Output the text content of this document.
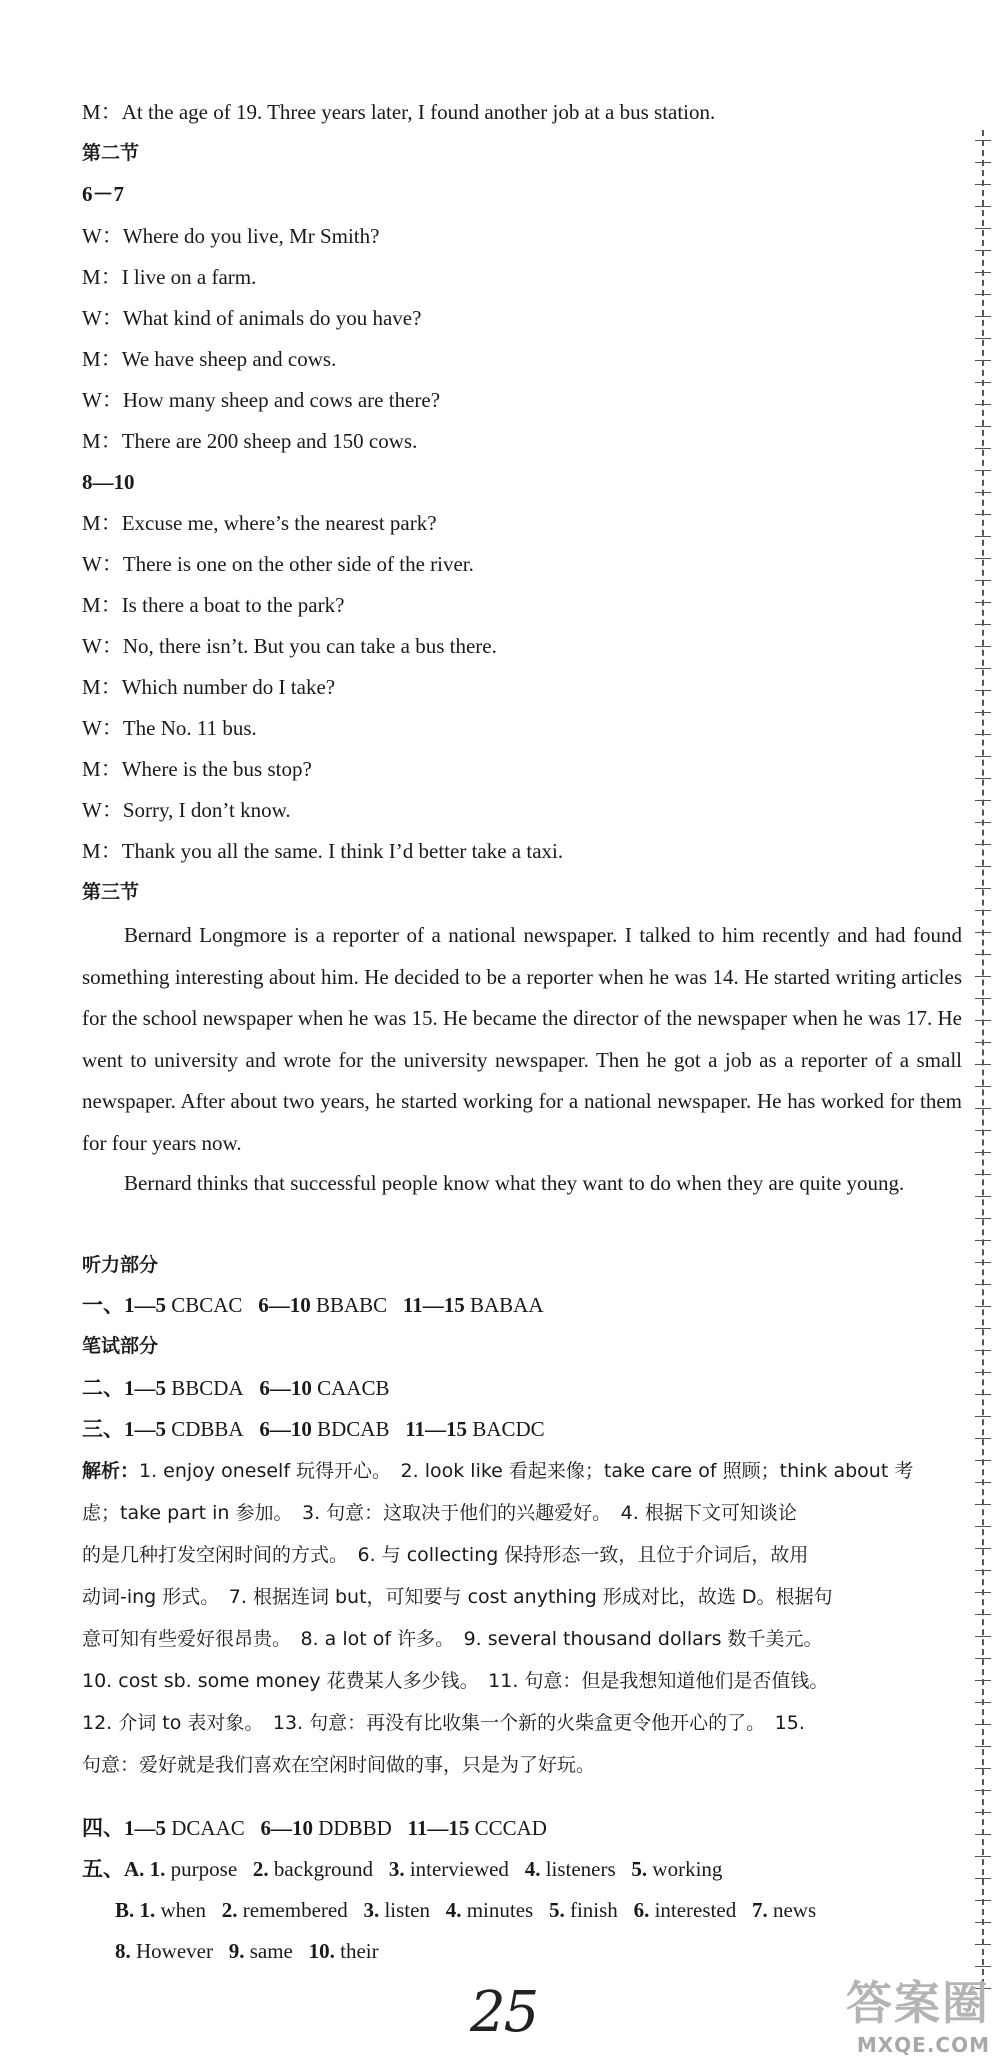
M：At the age of 19. Three years later, I found another job at a bus station.
第二节
6－7
W：Where do you live, Mr Smith?
M：I live on a farm.
W：What kind of animals do you have?
M：We have sheep and cows.
W：How many sheep and cows are there?
M：There are 200 sheep and 150 cows.
8—10
M：Excuse me, where’s the nearest park?
W：There is one on the other side of the river.
M：Is there a boat to the park?
W：No, there isn’t. But you can take a bus there.
M：Which number do I take?
W：The No. 11 bus.
M：Where is the bus stop?
W：Sorry, I don’t know.
M：Thank you all the same. I think I’d better take a taxi.
第三节
Bernard Longmore is a reporter of a national newspaper. I talked to him recently and had found something interesting about him. He decided to be a reporter when he was 14. He started writing articles for the school newspaper when he was 15. He became the director of the newspaper when he was 17. He went to university and wrote for the university newspaper. Then he got a job as a reporter of a small newspaper. After about two years, he started working for a national newspaper. He has worked for them for four years now.
Bernard thinks that successful people know what they want to do when they are quite young.
听力部分
一、1—5 CBCAC 6—10 BBABC 11—15 BABAA
笔试部分
二、1—5 BBCDA 6—10 CAACB
三、1—5 CDBBA 6—10 BDCAB 11—15 BACDC
解析：1. enjoy oneself 玩得开心。　2. look like 看起来像；take care of 照顾；think about 考
虑；take part in 参加。　3. 句意：这取决于他们的兴趣爱好。　4. 根据下文可知谈论
的是几种打发空闲时间的方式。　6. 与 collecting 保持形态一致，且位于介词后，故用
动词-ing 形式。　7. 根据连词 but，可知要与 cost anything 形成对比，故选 D。根据句
意可知有些爱好很昂贵。　8. a lot of 许多。　9. several thousand dollars 数千美元。
10. cost sb. some money 花费某人多少钱。　11. 句意：但是我想知道他们是否值钱。
12. 介词 to 表对象。　13. 句意：再没有比收集一个新的火柴盒更令他开心的了。　15.
句意：爱好就是我们喜欢在空闲时间做的事，只是为了好玩。
四、1—5 DCAAC 6—10 DDBBD 11—15 CCCAD
五、A. 1. purpose 2. background 3. interviewed 4. listeners 5. working
B. 1. when 2. remembered 3. listen 4. minutes 5. finish 6. interested 7. news
8. However 9. same 10. their
25	答案圈
MXQE.COM
